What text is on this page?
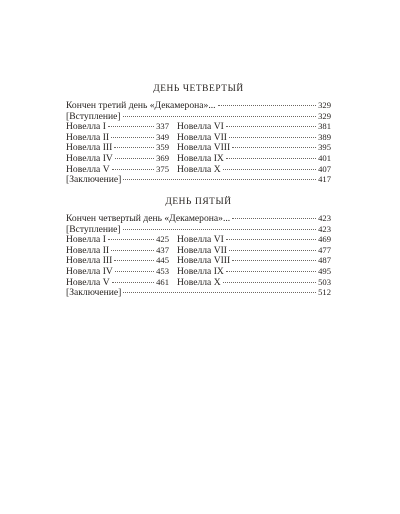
ДЕНЬ ЧЕТВЕРТЫЙ
Кончен третий день «Декамерона»...	329
[Вступление]	329
Новелла I	337 Новелла VI	381
Новелла II	349 Новелла VII	389
Новелла III	359 Новелла VIII	395
Новелла IV	369 Новелла IX	401
Новелла V	375 Новелла X	407
[Заключение]	417
ДЕНЬ ПЯТЫЙ
Кончен четвертый день «Декамерона»...	423
[Вступление]	423
Новелла I	425 Новелла VI	469
Новелла II	437 Новелла VII	477
Новелла III	445 Новелла VIII	487
Новелла IV	453 Новелла IX	495
Новелла V	461 Новелла X	503
[Заключение]	512
